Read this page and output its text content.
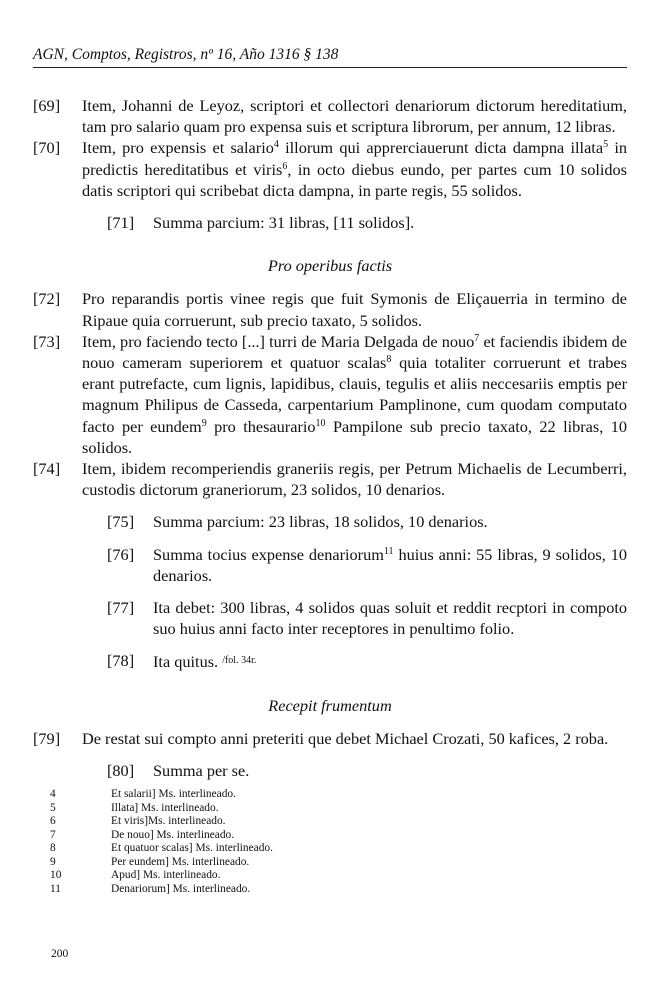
AGN, Comptos, Registros, nº 16, Año 1316 § 138
[69]	Item, Johanni de Leyoz, scriptori et collectori denariorum dictorum hereditatium, tam pro salario quam pro expensa suis et scriptura librorum, per annum, 12 libras.
[70]	Item, pro expensis et salario$^4$ illorum qui apprerciauerunt dicta dampna illata$^5$ in predictis hereditatibus et viris$^6$, in octo diebus eundo, per partes cum 10 solidos datis scriptori qui scribebat dicta dampna, in parte regis, 55 solidos.
[71]	Summa parcium: 31 libras, [11 solidos].
Pro operibus factis
[72]	Pro reparandis portis vinee regis que fuit Symonis de Eliçauerria in termino de Ripaue quia corruerunt, sub precio taxato, 5 solidos.
[73]	Item, pro faciendo tecto [...] turri de Maria Delgada de nouo$^7$ et faciendis ibidem de nouo cameram superiorem et quatuor scalas$^8$ quia totaliter corruerunt et trabes erant putrefacte, cum lignis, lapidibus, clauis, tegulis et aliis neccesariis emptis per magnum Philipus de Casseda, carpentarium Pamplinone, cum quodam computato facto per eundem$^9$ pro thesaurario$^{10}$ Pampilone sub precio taxato, 22 libras, 10 solidos.
[74]	Item, ibidem recomperiendis graneriis regis, per Petrum Michaelis de Lecumberri, custodis dictorum graneriorum, 23 solidos, 10 denarios.
[75]	Summa parcium: 23 libras, 18 solidos, 10 denarios.
[76]	Summa tocius expense denariorum$^{11}$ huius anni: 55 libras, 9 solidos, 10 denarios.
[77]	Ita debet: 300 libras, 4 solidos quas soluit et reddit recptori in compoto suo huius anni facto inter receptores in penultimo folio.
[78]	Ita quitus. $^{/fol. 34r.}$
Recepit frumentum
[79]	De restat sui compto anni preteriti que debet Michael Crozati, 50 kafices, 2 roba.
[80]	Summa per se.
4	Et salarii] Ms. interlineado.
5	Illata] Ms. interlineado.
6	Et viris]Ms. interlineado.
7	De nouo] Ms. interlineado.
8	Et quatuor scalas] Ms. interlineado.
9	Per eundem] Ms. interlineado.
10	Apud] Ms. interlineado.
11	Denariorum] Ms. interlineado.
200
